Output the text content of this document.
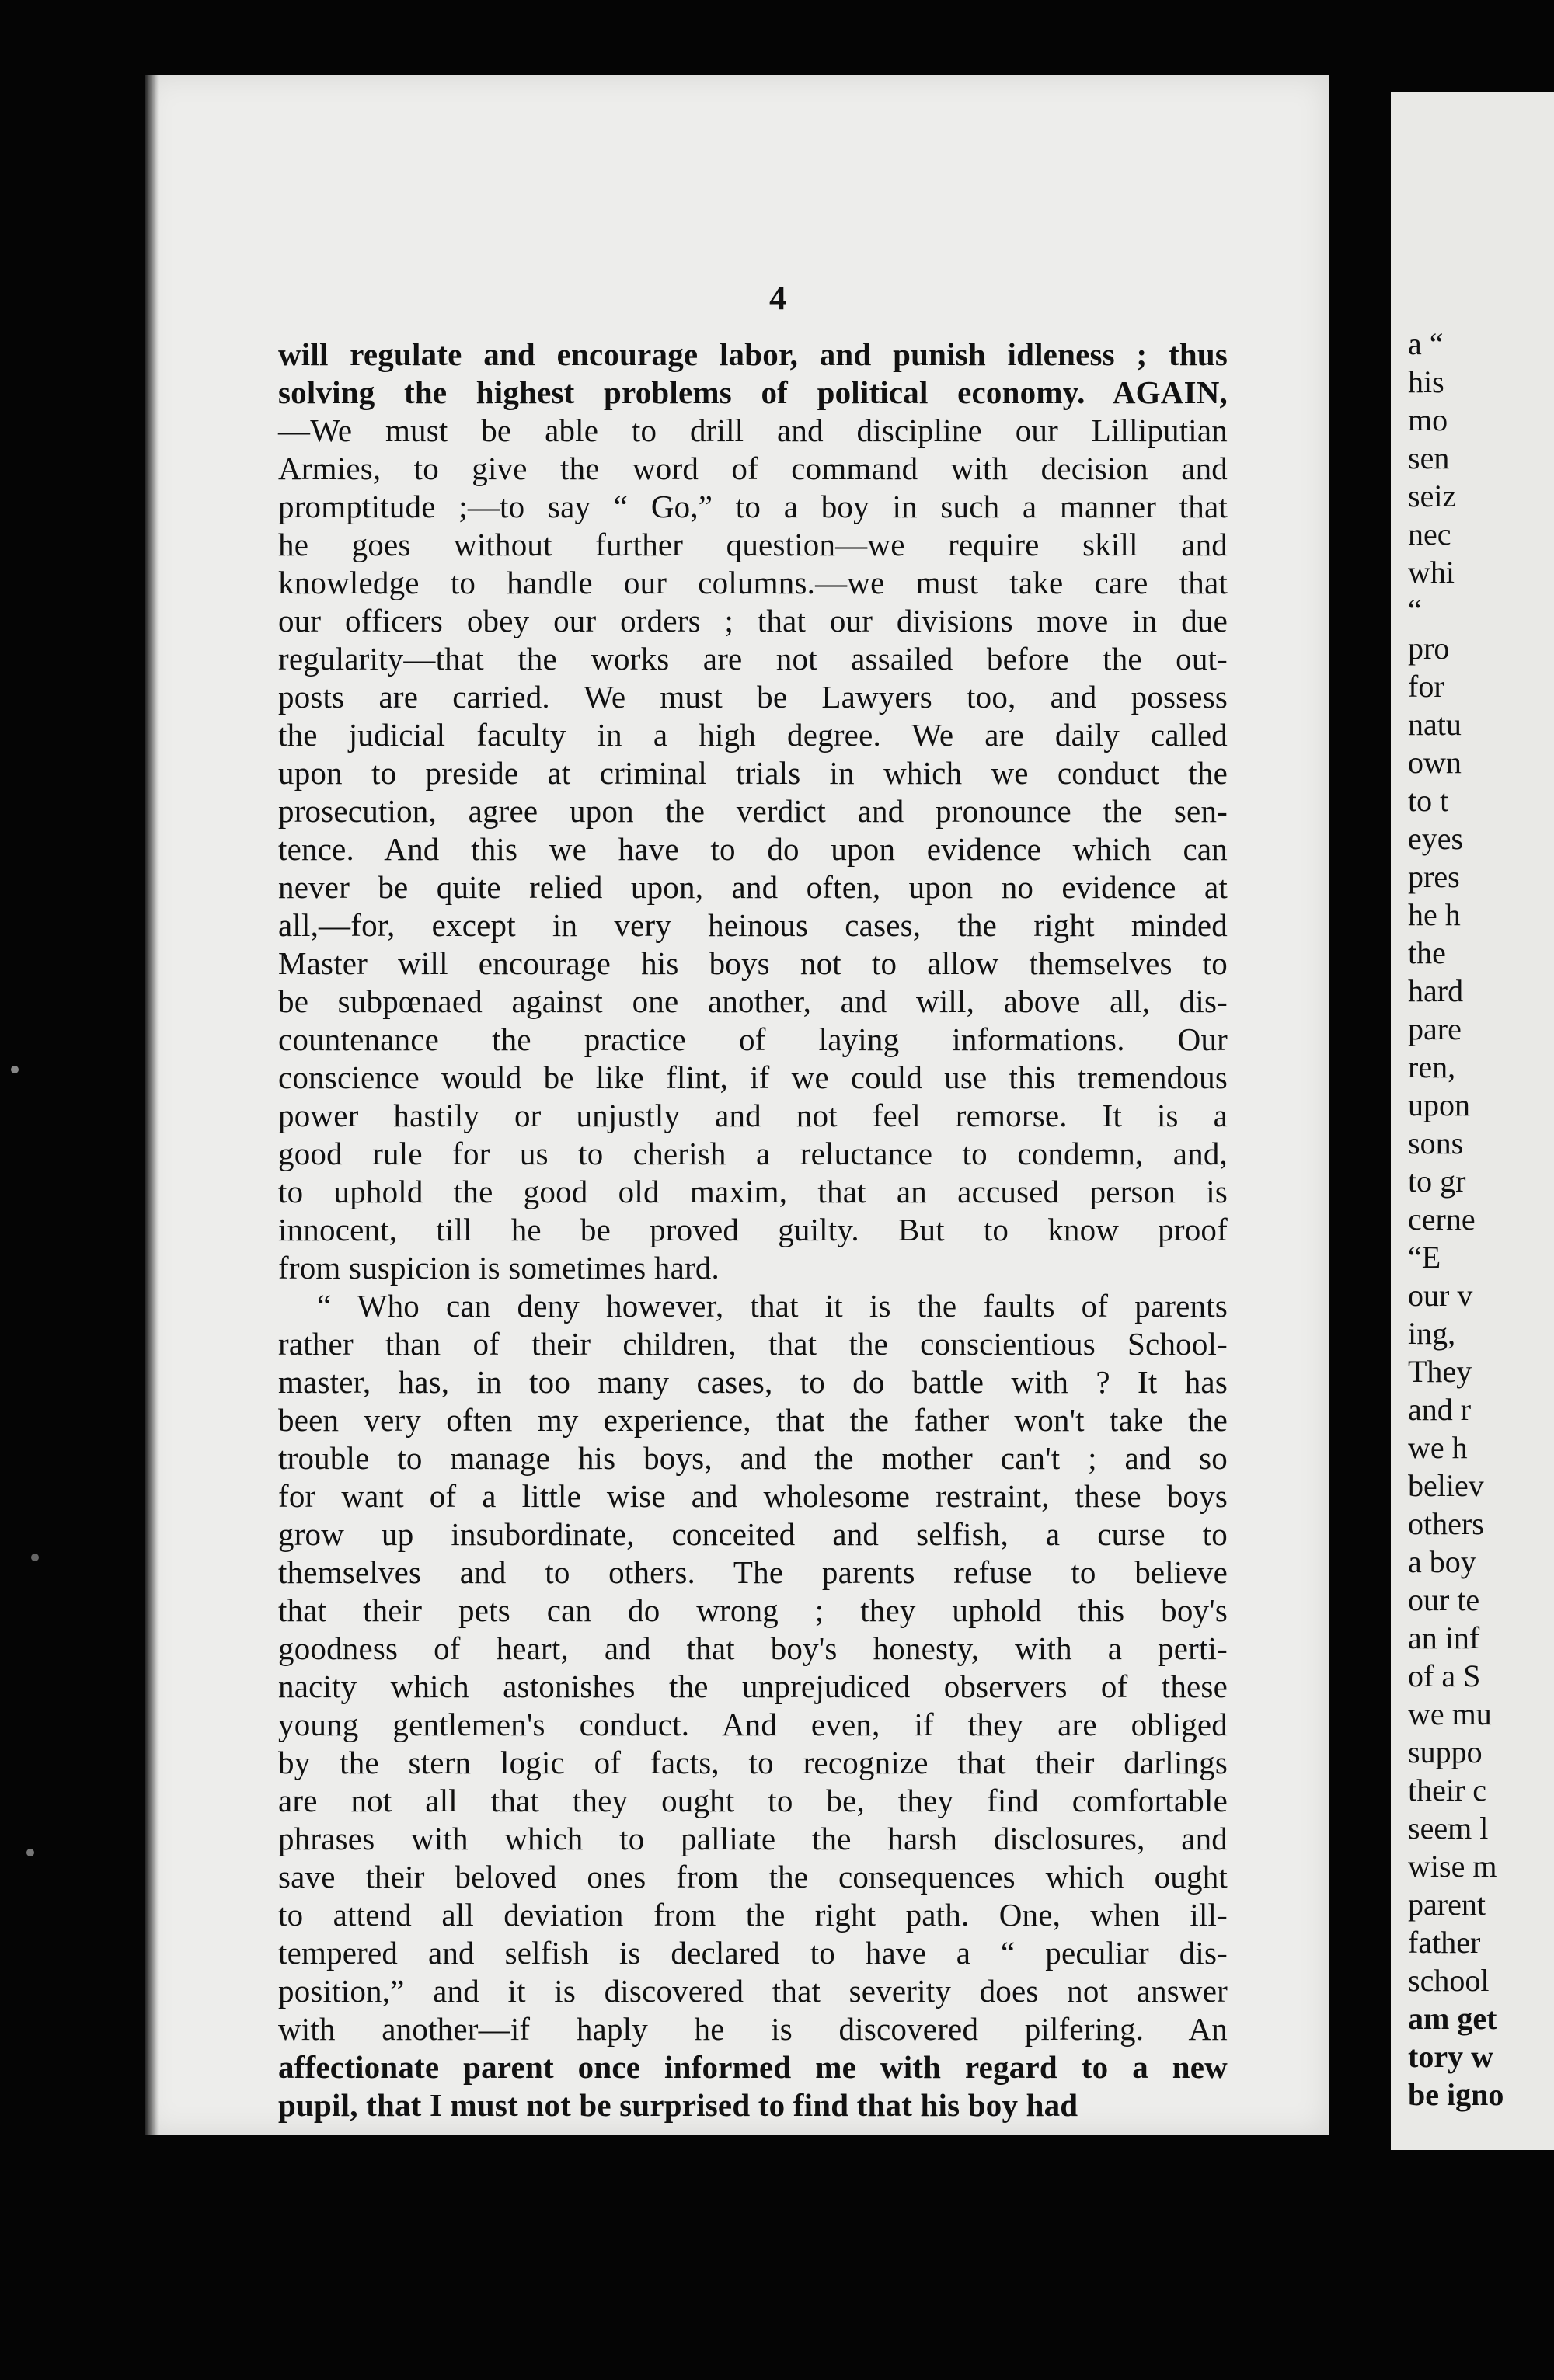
a “
his
mo
sen
seiz
nec
whi
“
pro
for
natu
own
to t
eyes
pres
he h
the
hard
pare
ren,
upon
sons
to gr
cerne
“E
our v
ing,
They
and r
we h
believ
others
a boy
our te
an inf
of a S
we mu
suppo
their c
seem l
wise m
parent
father
school
am get
tory w
be igno
4
will regulate and encourage labor, and punish idleness ; thus
solving the highest problems of political economy. AGAIN,
—We must be able to drill and discipline our Lilliputian
Armies, to give the word of command with decision and
promptitude ;—to say “ Go,” to a boy in such a manner that
he goes without further question—we require skill and
knowledge to handle our columns.—we must take care that
our officers obey our orders ; that our divisions move in due
regularity—that the works are not assailed before the out-
posts are carried. We must be Lawyers too, and possess
the judicial faculty in a high degree. We are daily called
upon to preside at criminal trials in which we conduct the
prosecution, agree upon the verdict and pronounce the sen-
tence. And this we have to do upon evidence which can
never be quite relied upon, and often, upon no evidence at
all,—for, except in very heinous cases, the right minded
Master will encourage his boys not to allow themselves to
be subpœnaed against one another, and will, above all, dis-
countenance the practice of laying informations. Our
conscience would be like flint, if we could use this tremendous
power hastily or unjustly and not feel remorse. It is a
good rule for us to cherish a reluctance to condemn, and,
to uphold the good old maxim, that an accused person is
innocent, till he be proved guilty. But to know proof
from suspicion is sometimes hard.
“ Who can deny however, that it is the faults of parents
rather than of their children, that the conscientious School-
master, has, in too many cases, to do battle with ? It has
been very often my experience, that the father won't take the
trouble to manage his boys, and the mother can't ; and so
for want of a little wise and wholesome restraint, these boys
grow up insubordinate, conceited and selfish, a curse to
themselves and to others. The parents refuse to believe
that their pets can do wrong ; they uphold this boy's
goodness of heart, and that boy's honesty, with a perti-
nacity which astonishes the unprejudiced observers of these
young gentlemen's conduct. And even, if they are obliged
by the stern logic of facts, to recognize that their darlings
are not all that they ought to be, they find comfortable
phrases with which to palliate the harsh disclosures, and
save their beloved ones from the consequences which ought
to attend all deviation from the right path. One, when ill-
tempered and selfish is declared to have a “ peculiar dis-
position,” and it is discovered that severity does not answer
with another—if haply he is discovered pilfering. An
affectionate parent once informed me with regard to a new
pupil, that I must not be surprised to find that his boy had
